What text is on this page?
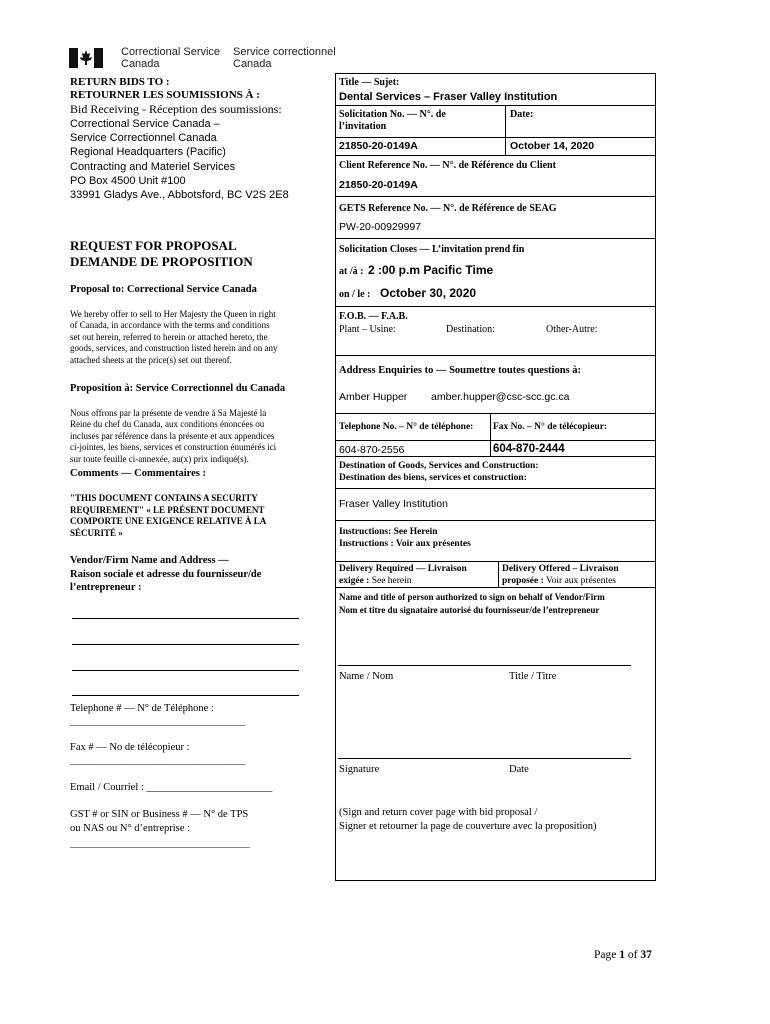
Correctional Service
Canada
Service correctionnel
Canada
RETURN BIDS TO :
RETOURNER LES SOUMISSIONS À :
Bid Receiving - Réception des soumissions:
Correctional Service Canada –
Service Correctionnel Canada
Regional Headquarters (Pacific)
Contracting and Materiel Services
PO Box 4500 Unit #100
33991 Gladys Ave., Abbotsford, BC V2S 2E8
REQUEST FOR PROPOSAL
DEMANDE DE PROPOSITION
Proposal to: Correctional Service Canada
We hereby offer to sell to Her Majesty the Queen in right
of Canada, in accordance with the terms and conditions
set out herein, referred to herein or attached hereto, the
goods, services, and construction listed herein and on any
attached sheets at the price(s) set out thereof.
Proposition à: Service Correctionnel du Canada
Nous offrons par la présente de vendre à Sa Majesté la
Reine du chef du Canada, aux conditions énoncées ou
incluses par référence dans la présente et aux appendices
ci-jointes, les biens, services et construction énumérés ici
sur toute feuille ci-annexée, au(x) prix indiqué(s).
Comments — Commentaires :
"THIS DOCUMENT CONTAINS A SECURITY
REQUIREMENT" « LE PRÉSENT DOCUMENT
COMPORTE UNE EXIGENCE RELATIVE À LA
SÉCURITÉ »
Vendor/Firm Name and Address —
Raison sociale et adresse du fournisseur/de
l’entrepreneur :
Telephone # — N° de Téléphone :
_______________________________________
Fax # — No de télécopieur :
_______________________________________
Email / Courriel : ________________________
GST # or SIN or Business # — N° de TPS
ou NAS ou N° d’entreprise :
________________________________________
Title — Sujet:
Dental Services – Fraser Valley Institution
Solicitation No. — N°. de
l’invitation
Date:
21850-20-0149A	October 14, 2020
Client Reference No. — N°. de Référence du Client
21850-20-0149A
GETS Reference No. — N°. de Référence de SEAG
PW-20-00929997
Solicitation Closes — L’invitation prend fin
at /à : 2 :00 p.m Pacific Time
on / le : October 30, 2020
F.O.B. — F.A.B.
Plant – Usine:	Destination:	Other-Autre:
Address Enquiries to — Soumettre toutes questions à:
Amber Hupper amber.hupper@csc-scc.gc.ca
Telephone No. – N° de téléphone: Fax No. – N° de télécopieur:
604-870-2556	604-870-2444
Destination of Goods, Services and Construction:
Destination des biens, services et construction:
Fraser Valley Institution
Instructions: See Herein
Instructions : Voir aux présentes
Delivery Required — Livraison
exigée : See herein
Delivery Offered – Livraison
proposée : Voir aux présentes
Name and title of person authorized to sign on behalf of Vendor/Firm
Nom et titre du signataire autorisé du fournisseur/de l’entrepreneur
Name / Nom	Title / Titre
Signature	Date
(Sign and return cover page with bid proposal /
Signer et retourner la page de couverture avec la proposition)
Page 1 of 37
